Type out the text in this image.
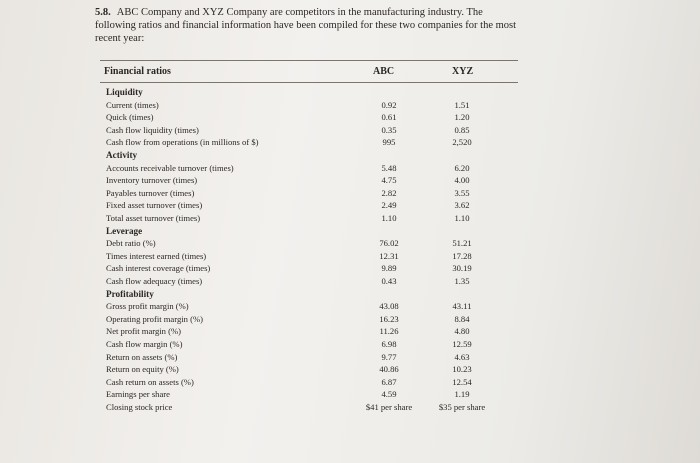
5.8. ABC Company and XYZ Company are competitors in the manufacturing industry. The following ratios and financial information have been compiled for these two companies for the most recent year:
Financial ratios	ABC	XYZ
Liquidity
Current (times)	0.92	1.51
Quick (times)	0.61	1.20
Cash flow liquidity (times)	0.35	0.85
Cash flow from operations (in millions of $)	995	2,520
Activity
Accounts receivable turnover (times)	5.48	6.20
Inventory turnover (times)	4.75	4.00
Payables turnover (times)	2.82	3.55
Fixed asset turnover (times)	2.49	3.62
Total asset turnover (times)	1.10	1.10
Leverage
Debt ratio (%)	76.02	51.21
Times interest earned (times)	12.31	17.28
Cash interest coverage (times)	9.89	30.19
Cash flow adequacy (times)	0.43	1.35
Profitability
Gross profit margin (%)	43.08	43.11
Operating profit margin (%)	16.23	8.84
Net profit margin (%)	11.26	4.80
Cash flow margin (%)	6.98	12.59
Return on assets (%)	9.77	4.63
Return on equity (%)	40.86	10.23
Cash return on assets (%)	6.87	12.54
Earnings per share	4.59	1.19
Closing stock price	$41 per share	$35 per share
